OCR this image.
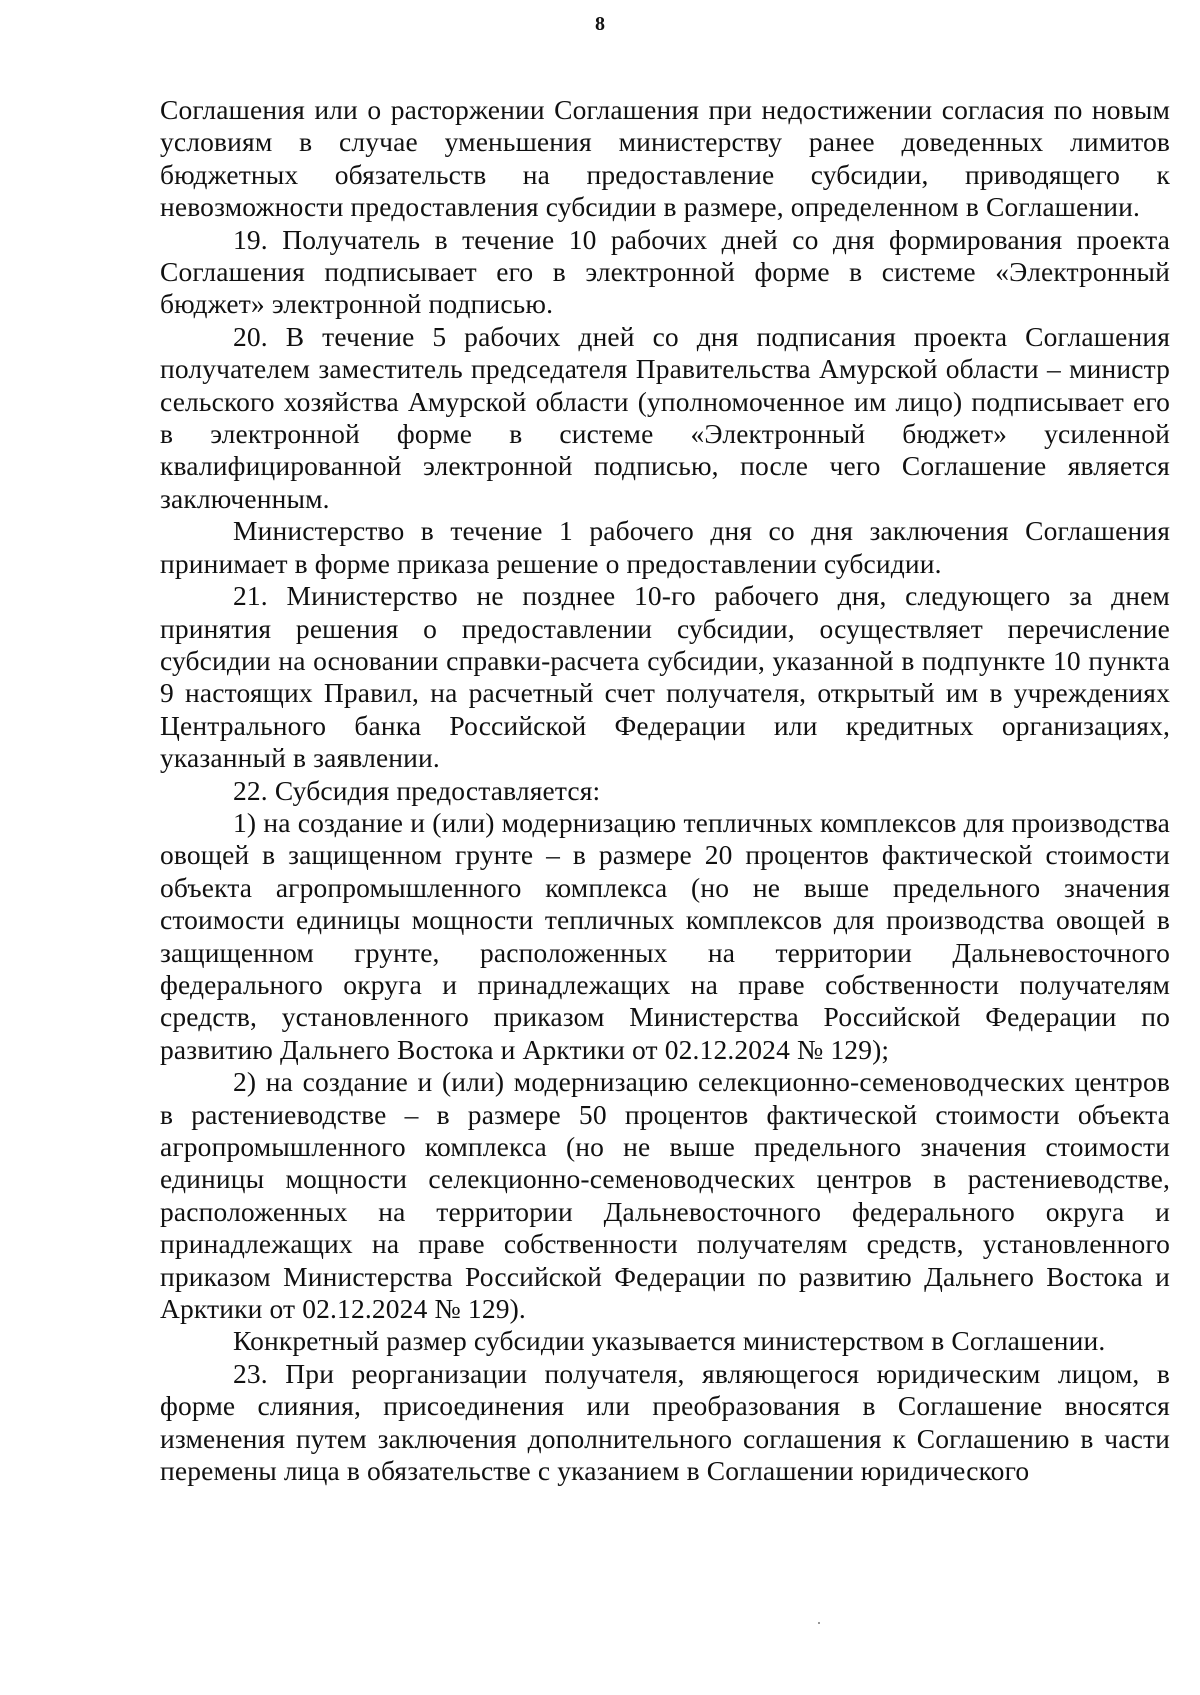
8

Соглашения или о расторжении Соглашения при недостижении согласия по новым условиям в случае уменьшения министерству ранее доведенных лимитов бюджетных обязательств на предоставление субсидии, приводящего к невозможности предоставления субсидии в размере, определенном в Соглашении.

19. Получатель в течение 10 рабочих дней со дня формирования проекта Соглашения подписывает его в электронной форме в системе «Электронный бюджет» электронной подписью.

20. В течение 5 рабочих дней со дня подписания проекта Соглашения получателем заместитель председателя Правительства Амурской области – министр сельского хозяйства Амурской области (уполномоченное им лицо) подписывает его в электронной форме в системе «Электронный бюджет» усиленной квалифицированной электронной подписью, после чего Соглашение является заключенным.

Министерство в течение 1 рабочего дня со дня заключения Соглашения принимает в форме приказа решение о предоставлении субсидии.

21. Министерство не позднее 10-го рабочего дня, следующего за днем принятия решения о предоставлении субсидии, осуществляет перечисление субсидии на основании справки-расчета субсидии, указанной в подпункте 10 пункта 9 настоящих Правил, на расчетный счет получателя, открытый им в учреждениях Центрального банка Российской Федерации или кредитных организациях, указанный в заявлении.

22. Субсидия предоставляется:

1) на создание и (или) модернизацию тепличных комплексов для производства овощей в защищенном грунте – в размере 20 процентов фактической стоимости объекта агропромышленного комплекса (но не выше предельного значения стоимости единицы мощности тепличных комплексов для производства овощей в защищенном грунте, расположенных на территории Дальневосточного федерального округа и принадлежащих на праве собственности получателям средств, установленного приказом Министерства Российской Федерации по развитию Дальнего Востока и Арктики от 02.12.2024 № 129);

2) на создание и (или) модернизацию селекционно-семеноводческих центров в растениеводстве – в размере 50 процентов фактической стоимости объекта агропромышленного комплекса (но не выше предельного значения стоимости единицы мощности селекционно-семеноводческих центров в растениеводстве, расположенных на территории Дальневосточного федерального округа и принадлежащих на праве собственности получателям средств, установленного приказом Министерства Российской Федерации по развитию Дальнего Востока и Арктики от 02.12.2024 № 129).

Конкретный размер субсидии указывается министерством в Соглашении.

23. При реорганизации получателя, являющегося юридическим лицом, в форме слияния, присоединения или преобразования в Соглашение вносятся изменения путем заключения дополнительного соглашения к Соглашению в части перемены лица в обязательстве с указанием в Соглашении юридического
